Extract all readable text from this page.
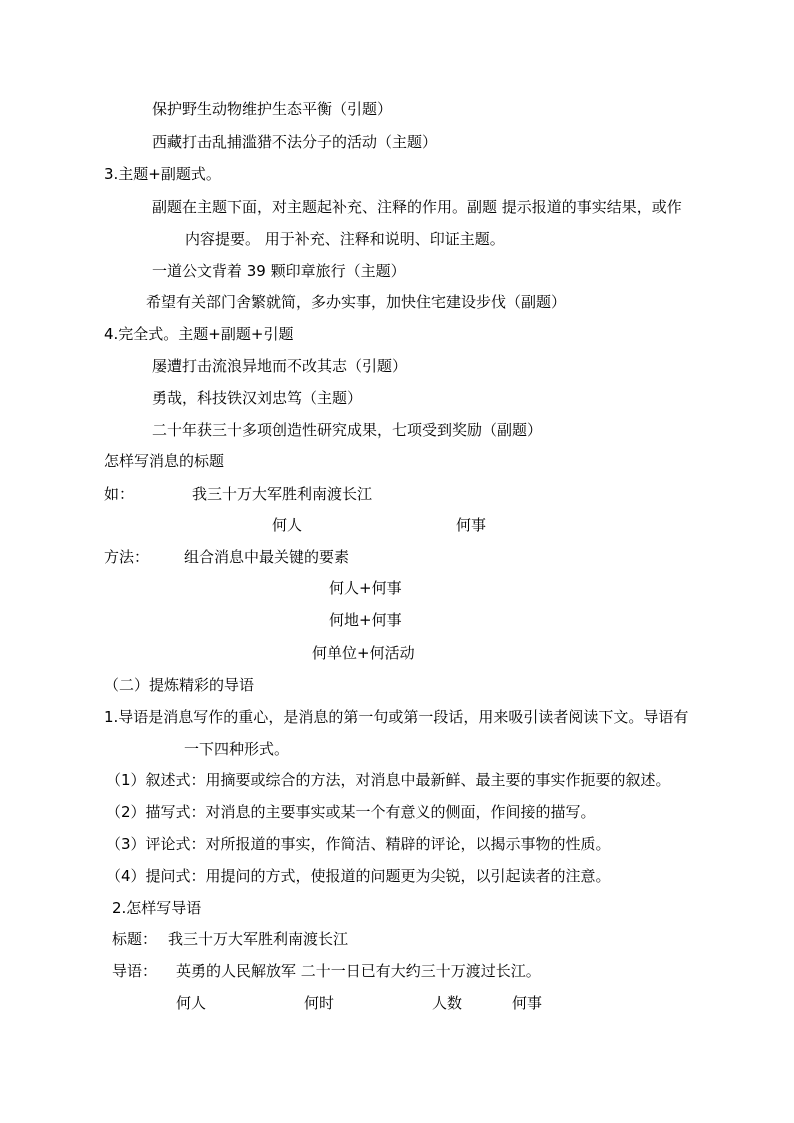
保护野生动物维护生态平衡（引题）
西藏打击乱捕滥猎不法分子的活动（主题）
3.主题+副题式。
副题在主题下面，对主题起补充、注释的作用。副题 提示报道的事实结果，或作
内容提要。 用于补充、注释和说明、印证主题。
一道公文背着 39 颗印章旅行（主题）
希望有关部门舍繁就简，多办实事，加快住宅建设步伐（副题）
4.完全式。主题+副题+引题
屡遭打击流浪异地而不改其志（引题）
勇哉，科技铁汉刘忠笃（主题）
二十年获三十多项创造性研究成果，七项受到奖励（副题）
怎样写消息的标题
如：	我三十万大军胜利南渡长江
何人	何事
方法： 组合消息中最关键的要素
何人+何事
何地+何事
何单位+何活动
（二）提炼精彩的导语
1.导语是消息写作的重心，是消息的第一句或第一段话，用来吸引读者阅读下文。导语有
一下四种形式。
（1）叙述式：用摘要或综合的方法，对消息中最新鲜、最主要的事实作扼要的叙述。
（2）描写式：对消息的主要事实或某一个有意义的侧面，作间接的描写。
（3）评论式：对所报道的事实，作简洁、精辟的评论，以揭示事物的性质。
（4）提问式：用提问的方式，使报道的问题更为尖锐，以引起读者的注意。
2.怎样写导语
标题： 我三十万大军胜利南渡长江
导语： 英勇的人民解放军 二十一日已有大约三十万渡过长江。
何人	何时	人数	何事
